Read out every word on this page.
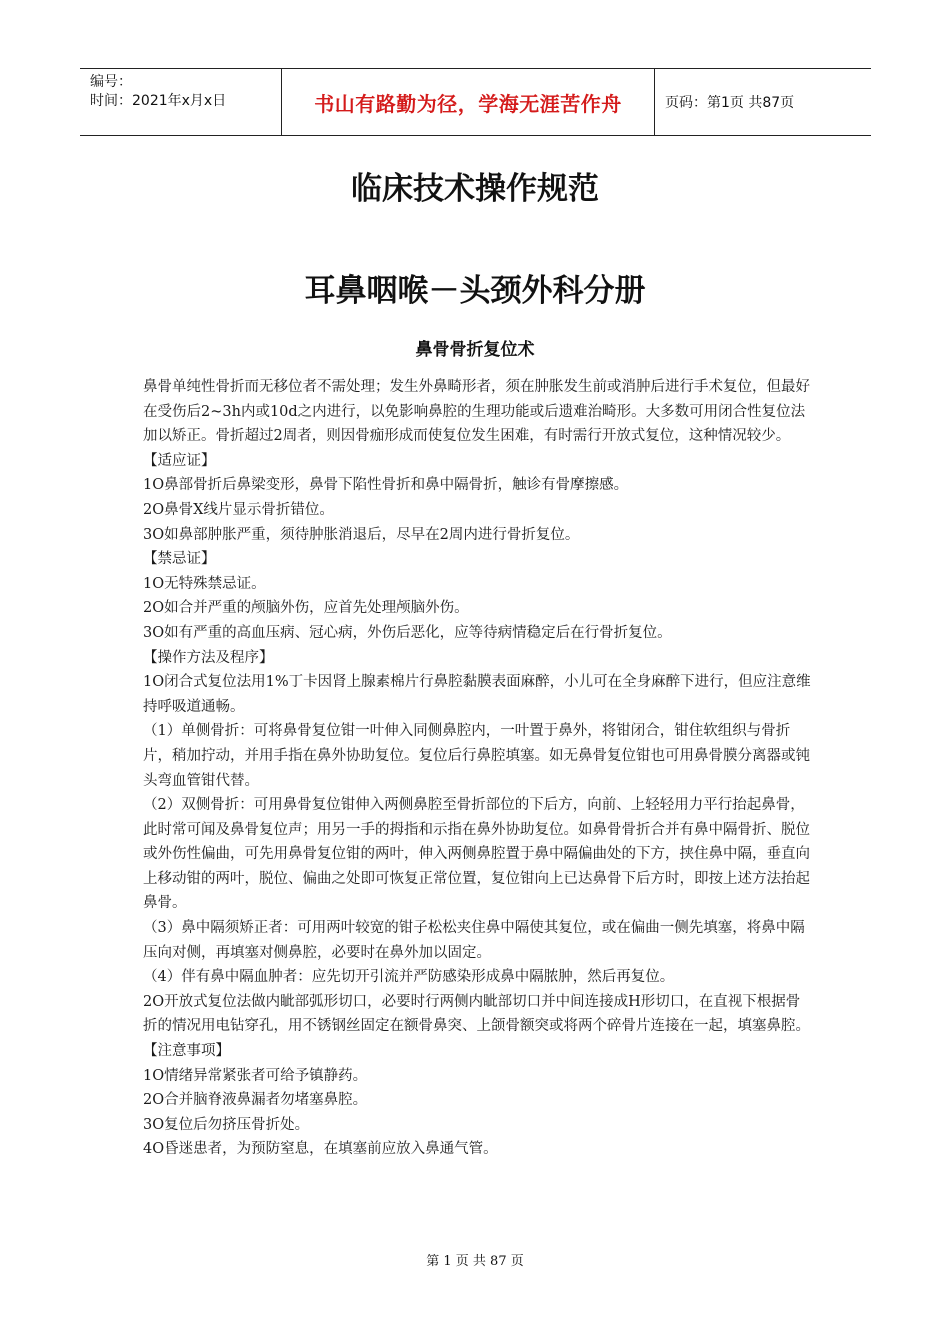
编号：
时间：2021年x月x日	书山有路勤为径，学海无涯苦作舟	页码：第1页 共87页
临床技术操作规范
耳鼻咽喉－头颈外科分册
鼻骨骨折复位术

鼻骨单纯性骨折而无移位者不需处理；发生外鼻畸形者，须在肿胀发生前或消肿后进行手术复位，但最好在受伤后2~3h内或10d之内进行，以免影响鼻腔的生理功能或后遗难治畸形。大多数可用闭合性复位法加以矫正。骨折超过2周者，则因骨痂形成而使复位发生困难，有时需行开放式复位，这种情况较少。

【适应证】

1O鼻部骨折后鼻梁变形，鼻骨下陷性骨折和鼻中隔骨折，触诊有骨摩擦感。

2O鼻骨X线片显示骨折错位。

3O如鼻部肿胀严重，须待肿胀消退后，尽早在2周内进行骨折复位。

【禁忌证】

1O无特殊禁忌证。

2O如合并严重的颅脑外伤，应首先处理颅脑外伤。

3O如有严重的高血压病、冠心病，外伤后恶化，应等待病情稳定后在行骨折复位。

【操作方法及程序】

1O闭合式复位法用1%丁卡因肾上腺素棉片行鼻腔黏膜表面麻醉，小儿可在全身麻醉下进行，但应注意维持呼吸道通畅。

（1）单侧骨折：可将鼻骨复位钳一叶伸入同侧鼻腔内，一叶置于鼻外，将钳闭合，钳住软组织与骨折片，稍加拧动，并用手指在鼻外协助复位。复位后行鼻腔填塞。如无鼻骨复位钳也可用鼻骨膜分离器或钝头弯血管钳代替。

（2）双侧骨折：可用鼻骨复位钳伸入两侧鼻腔至骨折部位的下后方，向前、上轻轻用力平行抬起鼻骨，此时常可闻及鼻骨复位声；用另一手的拇指和示指在鼻外协助复位。如鼻骨骨折合并有鼻中隔骨折、脱位或外伤性偏曲，可先用鼻骨复位钳的两叶，伸入两侧鼻腔置于鼻中隔偏曲处的下方，挟住鼻中隔，垂直向上移动钳的两叶，脱位、偏曲之处即可恢复正常位置，复位钳向上已达鼻骨下后方时，即按上述方法抬起鼻骨。

（3）鼻中隔须矫正者：可用两叶较宽的钳子松松夹住鼻中隔使其复位，或在偏曲一侧先填塞，将鼻中隔压向对侧，再填塞对侧鼻腔，必要时在鼻外加以固定。

（4）伴有鼻中隔血肿者：应先切开引流并严防感染形成鼻中隔脓肿，然后再复位。

2O开放式复位法做内眦部弧形切口，必要时行两侧内眦部切口并中间连接成H形切口，在直视下根据骨折的情况用电钻穿孔，用不锈钢丝固定在额骨鼻突、上颌骨额突或将两个碎骨片连接在一起，填塞鼻腔。

【注意事项】

1O情绪异常紧张者可给予镇静药。

2O合并脑脊液鼻漏者勿堵塞鼻腔。

3O复位后勿挤压骨折处。

4O昏迷患者，为预防窒息，在填塞前应放入鼻通气管。

第 1 页 共 87 页
